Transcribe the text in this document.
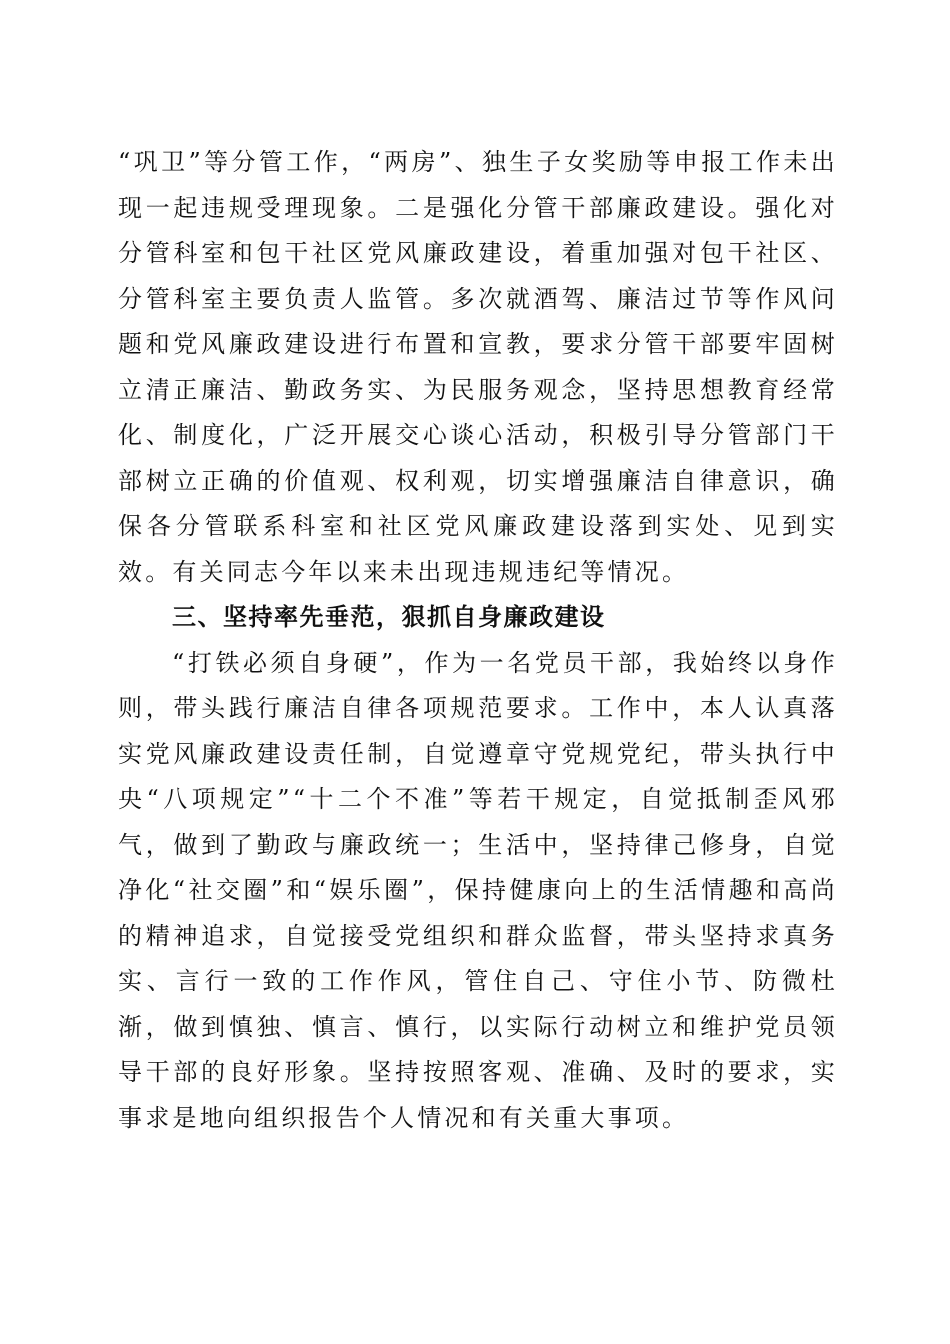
“巩卫”等分管工作，“两房”、独生子女奖励等申报工作未出现一起违规受理现象。二是强化分管干部廉政建设。强化对分管科室和包干社区党风廉政建设，着重加强对包干社区、分管科室主要负责人监管。多次就酒驾、廉洁过节等作风问题和党风廉政建设进行布置和宣教，要求分管干部要牢固树立清正廉洁、勤政务实、为民服务观念，坚持思想教育经常化、制度化，广泛开展交心谈心活动，积极引导分管部门干部树立正确的价值观、权利观，切实增强廉洁自律意识，确保各分管联系科室和社区党风廉政建设落到实处、见到实效。有关同志今年以来未出现违规违纪等情况。

三、坚持率先垂范，狠抓自身廉政建设

“打铁必须自身硬”，作为一名党员干部，我始终以身作则，带头践行廉洁自律各项规范要求。工作中，本人认真落实党风廉政建设责任制，自觉遵章守党规党纪，带头执行中央“八项规定”“十二个不准”等若干规定，自觉抵制歪风邪气，做到了勤政与廉政统一；生活中，坚持律己修身，自觉净化“社交圈”和“娱乐圈”，保持健康向上的生活情趣和高尚的精神追求，自觉接受党组织和群众监督，带头坚持求真务实、言行一致的工作作风，管住自己、守住小节、防微杜渐，做到慎独、慎言、慎行，以实际行动树立和维护党员领导干部的良好形象。坚持按照客观、准确、及时的要求，实事求是地向组织报告个人情况和有关重大事项。
